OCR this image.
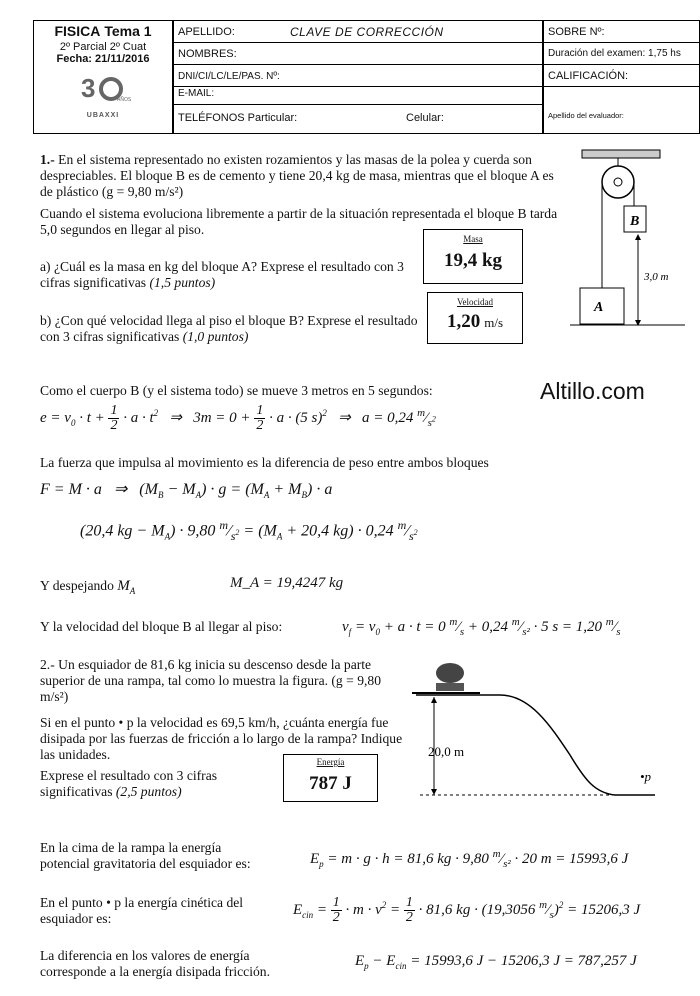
FISICA Tema 1
2º Parcial 2º Cuat
Fecha: 21/11/2016
3	AÑOS
UBAXXI
APELLIDO:	CLAVE DE CORRECCIÓN
NOMBRES:
DNI/CI/LC/LE/PAS. Nº:
E-MAIL:
TELÉFONOS Particular:	Celular:
SOBRE Nº:
Duración del examen: 1,75 hs
CALIFICACIÓN:
Apellido del evaluador:
1.- En el sistema representado no existen rozamientos y las masas de la polea y cuerda son despreciables. El bloque B es de cemento y tiene 20,4 kg de masa, mientras que el bloque A es de plástico (g = 9,80 m/s²)
Cuando el sistema evoluciona libremente a partir de la situación representada el bloque B tarda 5,0 segundos en llegar al piso.
a) ¿Cuál es la masa en kg del bloque A? Exprese el resultado con 3 cifras significativas (1,5 puntos)
b) ¿Con qué velocidad llega al piso el bloque B? Exprese el resultado con 3 cifras significativas (1,0 puntos)
Masa
19,4 kg
Velocidad
1,20 m/s
B
A
3,0 m
Altillo.com
Como el cuerpo B (y el sistema todo) se mueve 3 metros en 5 segundos:
$e = v_0 \cdot t + \frac{1}{2} \cdot a \cdot t^2$   ⇒   $3m = 0 + \frac{1}{2} \cdot a \cdot (5$ s)$^2$   ⇒   a = 0,24 $^m⁄_{s^2}$
La fuerza que impulsa al movimiento es la diferencia de peso entre ambos bloques
F = M · a   ⇒   $(M_B - M_A) \cdot g = (M_A + M_B) \cdot a$
(20,4 kg − $M_A) \cdot 9,80$ $^m⁄_{s^2} = (M_A + 20,4$ kg) · 0,24 $^m⁄_{s^2}$
Y despejando $M_A$	M_A = 19,4247 kg
Y la velocidad del bloque B al llegar al piso:	$v_f = v_0 + a \cdot t = 0$ $^m⁄_s + 0,24$ $^m⁄_{s^2} \cdot 5$ s = 1,20 $^m⁄_s$
2.- Un esquiador de 81,6 kg inicia su descenso desde la parte superior de una rampa, tal como lo muestra la figura. (g = 9,80 m/s²)
Si en el punto • p la velocidad es 69,5 km/h, ¿cuánta energía fue disipada por las fuerzas de fricción a lo largo de la rampa? Indique las unidades.
Exprese el resultado con 3 cifras significativas (2,5 puntos)
Energía
787 J
20,0 m
•p
En la cima de la rampa la energía
potencial gravitatoria del esquiador es:	$E_p = m \cdot g \cdot h = 81,6$ kg · 9,80 $^m⁄_{s^2} \cdot 20$ m = 15993,6 J
En el punto • p la energía cinética del
esquiador es:
$E_{cin} = \frac{1}{2} \cdot m \cdot v^2 = \frac{1}{2} \cdot 81,6$ kg · (19,3056 $^m⁄_s)^2 = 15206,3$ J
La diferencia en los valores de energía
corresponde a la energía disipada fricción.
$E_p - E_{cin} = 15993,6$ J − 15206,3 J = 787,257 J
